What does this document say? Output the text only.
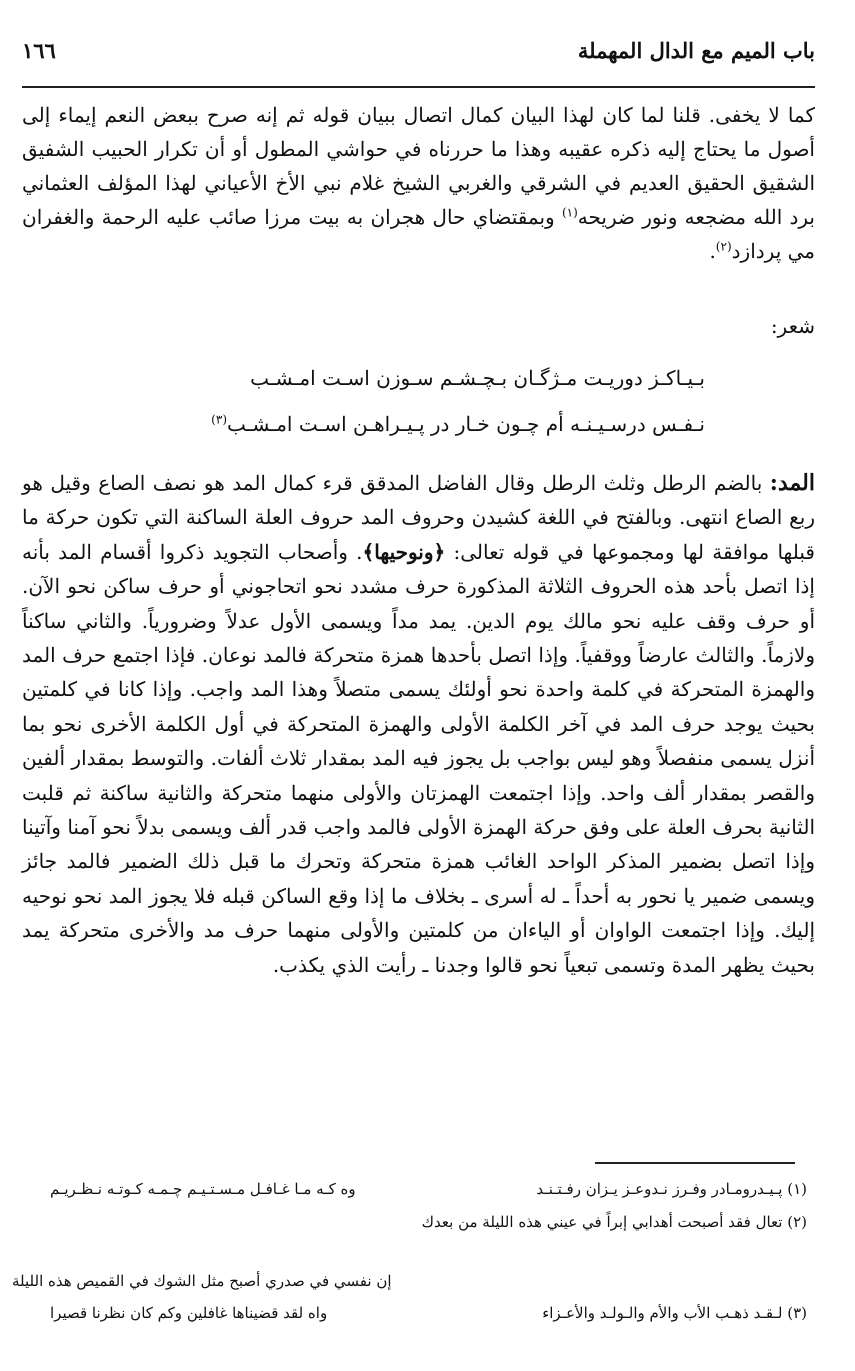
باب الميم مع الدال المهملة
١٦٦

كما لا يخفى. قلنا لما كان لهذا البيان كمال اتصال ببيان قوله ثم إنه صرح ببعض النعم إيماء إلى أصول ما يحتاج إليه ذكره عقيبه وهذا ما حررناه في حواشي المطول أو أن تكرار الحبيب الشفيق الشقيق الحقيق العديم في الشرقي والغربي الشيخ غلام نبي الأخ الأعياني لهذا المؤلف العثماني برد الله مضجعه ونور ضريحه$^{(١)}$ وبمقتضاي حال هجران به بيت مرزا صائب عليه الرحمة والغفران مي پردازد$^{(٢)}$.

شعر:
بـيـاكـز دوريـت مـژگـان بـچـشـم سـوزن اسـت امـشـب
نـفـس درسـيـنـه أم چـون خـار در پـيـراهـن اسـت امـشـب$^{(٣)}$

المد: بالضم الرطل وثلث الرطل وقال الفاضل المدقق قرء كمال المد هو نصف الصاع وقيل هو ربع الصاع انتهى. وبالفتح في اللغة كشيدن وحروف المد حروف العلة الساكنة التي تكون حركة ما قبلها موافقة لها ومجموعها في قوله تعالى: ﴿ونوحيها﴾. وأصحاب التجويد ذكروا أقسام المد بأنه إذا اتصل بأحد هذه الحروف الثلاثة المذكورة حرف مشدد نحو اتحاجوني أو حرف ساكن نحو الآن. أو حرف وقف عليه نحو مالك يوم الدين. يمد مداً ويسمى الأول عدلاً وضرورياً. والثاني ساكناً ولازماً. والثالث عارضاً ووقفياً. وإذا اتصل بأحدها همزة متحركة فالمد نوعان. فإذا اجتمع حرف المد والهمزة المتحركة في كلمة واحدة نحو أولئك يسمى متصلاً وهذا المد واجب. وإذا كانا في كلمتين بحيث يوجد حرف المد في آخر الكلمة الأولى والهمزة المتحركة في أول الكلمة الأخرى نحو بما أنزل يسمى منفصلاً وهو ليس بواجب بل يجوز فيه المد بمقدار ثلاث ألفات. والتوسط بمقدار ألفين والقصر بمقدار ألف واحد. وإذا اجتمعت الهمزتان والأولى منهما متحركة والثانية ساكنة ثم قلبت الثانية بحرف العلة على وفق حركة الهمزة الأولى فالمد واجب قدر ألف ويسمى بدلاً نحو آمنا وآتينا وإذا اتصل بضمير المذكر الواحد الغائب همزة متحركة وتحرك ما قبل ذلك الضمير فالمد جائز ويسمى ضمير يا نحور به أحداً ـ له أسرى ـ بخلاف ما إذا وقع الساكن قبله فلا يجوز المد نحو نوحيه إليك. وإذا اجتمعت الواوان أو الياءان من كلمتين والأولى منهما حرف مد والأخرى متحركة يمد بحيث يظهر المدة وتسمى تبعياً نحو قالوا وجدنا ـ رأيت الذي يكذب.

(١) پـيـدرومـادر وفـرز نـدوعـز يـزان رفـتـنـد
وه كـه مـا غـافـل مـسـتـيـم چـمـه كـوتـه نـظـريـم
(٢) تعال فقد أصبحت أهدابي إبراً في عيني هذه الليلة من بعدك
إن نفسي في صدري أصبح مثل الشوك في القميص هذه الليلة
(٣) لـقـد ذهـب الأب والأم والـولـد والأعـزاء
واه لقد قضيناها غافلين وكم كان نظرنا قصيرا
